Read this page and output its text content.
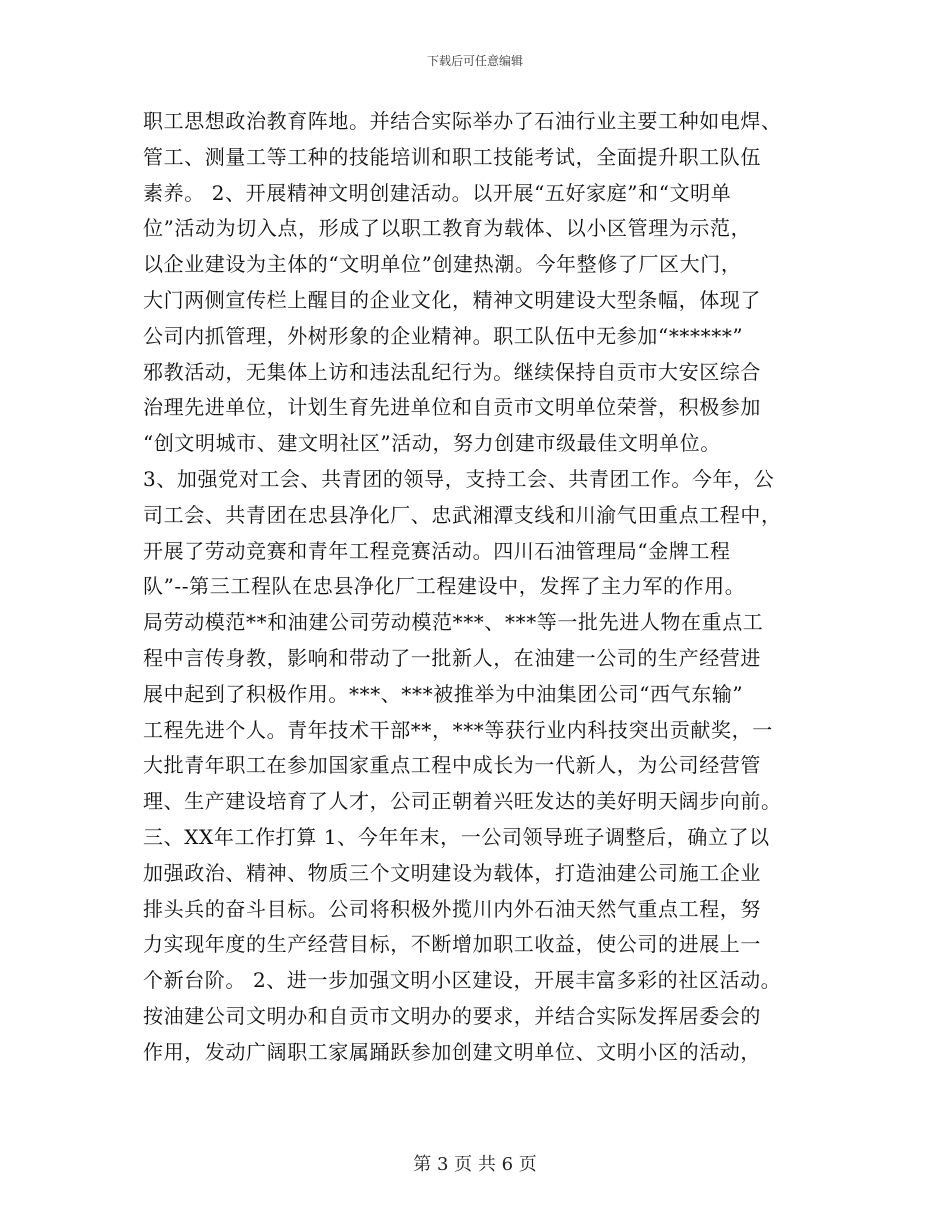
下载后可任意编辑
职工思想政治教育阵地。并结合实际举办了石油行业主要工种如电焊、
管工、测量工等工种的技能培训和职工技能考试，全面提升职工队伍
素养。 2、开展精神文明创建活动。以开展“五好家庭”和“文明单
位”活动为切入点，形成了以职工教育为载体、以小区管理为示范，
以企业建设为主体的“文明单位”创建热潮。今年整修了厂区大门，
大门两侧宣传栏上醒目的企业文化，精神文明建设大型条幅，体现了
公司内抓管理，外树形象的企业精神。职工队伍中无参加“******”
邪教活动，无集体上访和违法乱纪行为。继续保持自贡市大安区综合
治理先进单位，计划生育先进单位和自贡市文明单位荣誉，积极参加
“创文明城市、建文明社区”活动，努力创建市级最佳文明单位。
3、加强党对工会、共青团的领导，支持工会、共青团工作。今年，公
司工会、共青团在忠县净化厂、忠武湘潭支线和川渝气田重点工程中，
开展了劳动竞赛和青年工程竞赛活动。四川石油管理局“金牌工程
队”--第三工程队在忠县净化厂工程建设中，发挥了主力军的作用。
局劳动模范**和油建公司劳动模范***、***等一批先进人物在重点工
程中言传身教，影响和带动了一批新人，在油建一公司的生产经营进
展中起到了积极作用。***、***被推举为中油集团公司“西气东输”
工程先进个人。青年技术干部**，***等获行业内科技突出贡献奖，一
大批青年职工在参加国家重点工程中成长为一代新人，为公司经营管
理、生产建设培育了人才，公司正朝着兴旺发达的美好明天阔步向前。
三、XX年工作打算 1、今年年末，一公司领导班子调整后，确立了以
加强政治、精神、物质三个文明建设为载体，打造油建公司施工企业
排头兵的奋斗目标。公司将积极外揽川内外石油天然气重点工程，努
力实现年度的生产经营目标，不断增加职工收益，使公司的进展上一
个新台阶。 2、进一步加强文明小区建设，开展丰富多彩的社区活动。
按油建公司文明办和自贡市文明办的要求，并结合实际发挥居委会的
作用，发动广阔职工家属踊跃参加创建文明单位、文明小区的活动，
第 3 页 共 6 页
